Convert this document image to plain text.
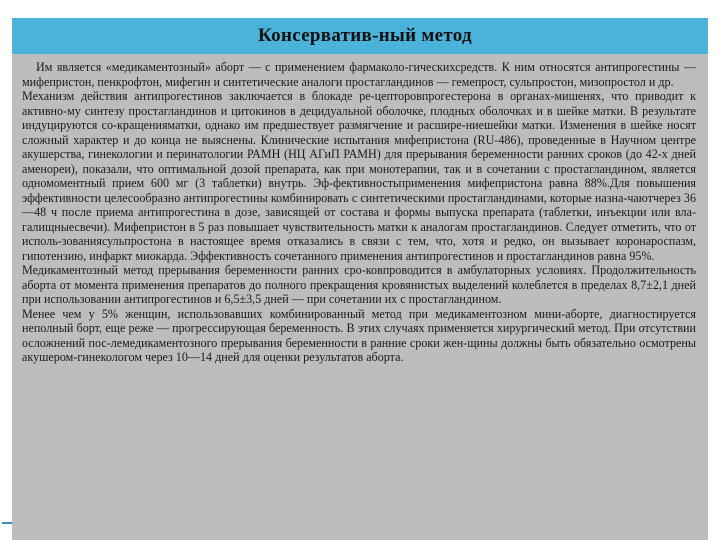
Консерватив-ный метод

Им является «медикаментозный» аборт — с применением фармаколо-гическихсредств. К ним относятся антипрогестины — мифепристон, пенкрофтон, мифегин и синтетические аналоги простагландинов — гемепрост, сульпростон, мизопростол и др.

Механизм действия антипрогестинов заключается в блокаде ре-цепторовпрогестерона в органах-мишенях, что приводит к активно-му синтезу простагландинов и цитокинов в децидуальной оболочке, плодных оболочках и в шейке матки. В результате индуцируются со-кращенияматки, однако им предшествует размягчение и расшире-ниешейки матки. Изменения в шейке носят сложный характер и до конца не выяснены. Клинические испытания мифепристона (RU-486), проведенные в Научном центре акушерства, гинекологии и перинатологии РАМН (НЦ АГиП РАМН) для прерывания беременности ранних сроков (до 42-х дней аменореи), показали, что оптимальной дозой препарата, как при монотерапии, так и в сочетании с простагландином, является одномоментный прием 600 мг (3 таблетки) внутрь. Эф-фективностьприменения мифепристона равна 88%.Для повышения эффективности целесообразно антипрогестины комбинировать с синтетическими простагландинами, которые назна-чаютчерез 36—48 ч после приема антипрогестина в дозе, зависящей от состава и формы выпуска препарата (таблетки, инъекции или вла-галищныесвечи). Мифепристон в 5 раз повышает чувствительность матки к аналогам простагландинов. Следует отметить, что от исполь-зованиясульпростона в настоящее время отказались в связи с тем, что, хотя и редко, он вызывает коронароспазм, гипотензию, инфаркт миокарда. Эффективность сочетанного применения антипрогестинов и простагландинов равна 95%.

Медикаментозный метод прерывания беременности ранних сро-ковпроводится в амбулаторных условиях. Продолжительность аборта от момента применения препаратов до полного прекращения кровянистых выделений колеблется в пределах 8,7±2,1 дней при использовании антипрогестинов и 6,5±3,5 дней — при сочетании их с простагландином.

Менее чем у 5% женщин, использовавших комбинированный метод при медикаментозном мини-аборте, диагностируется неполный борт, еще реже — прогрессирующая беременность. В этих случаях применяется хирургический метод. При отсутствии осложнений пос-лемедикаментозного прерывания беременности в ранние сроки жен-щины должны быть обязательно осмотрены акушером-гинекологом через 10—14 дней для оценки результатов аборта.
